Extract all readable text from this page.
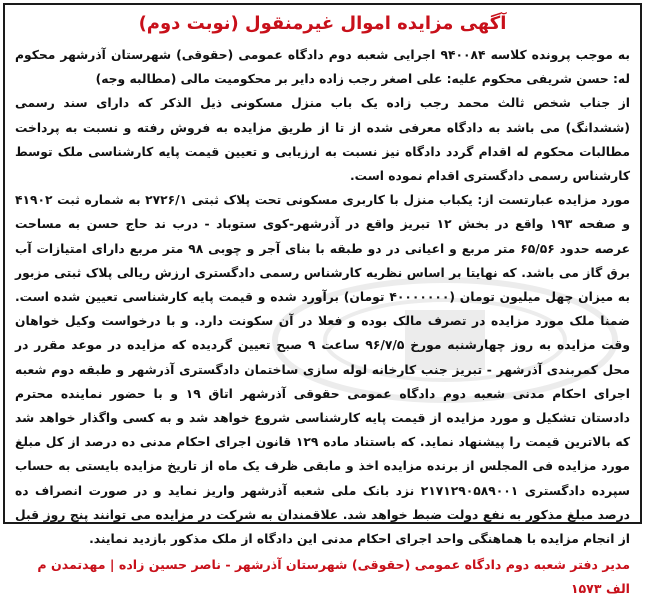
آگهی مزایده اموال غیرمنقول (نوبت دوم)

به موجب پرونده کلاسه ۹۴۰۰۸۴ اجرایی شعبه دوم دادگاه عمومی (حقوقی) شهرستان آذرشهر محکوم له: حسن شریفی محکوم علیه: علی اصغر رجب زاده دایر بر محکومیت مالی (مطالبه وجه)

از جناب شخص ثالث محمد رجب زاده یک باب منزل مسکونی ذیل الذکر که دارای سند رسمی (ششدانگ) می باشد به دادگاه معرفی شده از تا از طریق مزایده به فروش رفته و نسبت به پرداخت مطالبات محکوم له اقدام گردد دادگاه نیز نسبت به ارزیابی و تعیین قیمت پایه کارشناسی ملک توسط کارشناس رسمی دادگستری اقدام نموده است.

مورد مزایده عبارتست از: یکباب منزل با کاربری مسکونی تحت پلاک ثبتی ۲۷۲۶/۱ به شماره ثبت ۴۱۹۰۲ و صفحه ۱۹۳ واقع در بخش ۱۲ تبریز واقع در آذرشهر-کوی ستوباد - درب ند حاج حسن به مساحت عرصه حدود ۶۵/۵۶ متر مربع و اعیانی در دو طبقه با بنای آجر و چوبی ۹۸ متر مربع دارای امتیازات آب برق گاز می باشد. که نهایتا بر اساس نظریه کارشناس رسمی دادگستری ارزش ریالی پلاک ثبتی مزبور به میزان چهل میلیون تومان (۴۰۰۰۰۰۰۰ تومان) برآورد شده و قیمت پایه کارشناسی تعیین شده است. ضمنا ملک مورد مزایده در تصرف مالک بوده و فعلا در آن سکونت دارد. و با درخواست وکیل خواهان وقت مزایده به روز چهارشنبه مورخ ۹۶/۷/۵ ساعت ۹ صبح تعیین گردیده که مزایده در موعد مقرر در محل کمربندی آذرشهر - تبریز جنب کارخانه لوله سازی ساختمان دادگستری آذرشهر و طبقه دوم شعبه اجرای احکام مدنی شعبه دوم دادگاه عمومی حقوقی آذرشهر اتاق ۱۹ و با حضور نماینده محترم دادستان تشکیل و مورد مزایده از قیمت پایه کارشناسی شروع خواهد شد و به کسی واگذار خواهد شد که بالاترین قیمت را پیشنهاد نماید. که باستناد ماده ۱۲۹ قانون اجرای احکام مدنی ده درصد از کل مبلغ مورد مزایده فی المجلس از برنده مزایده اخذ و مابقی ظرف یک ماه از تاریخ مزایده بایستی به حساب سپرده دادگستری ۲۱۷۱۲۹۰۵۸۹۰۰۱ نزد بانک ملی شعبه آذرشهر واریز نماید و در صورت انصراف ده درصد مبلغ مذکور به نفع دولت ضبط خواهد شد. علاقمندان به شرکت در مزایده می توانند پنج روز قبل از انجام مزایده با هماهنگی واحد اجرای احکام مدنی این دادگاه از ملک مذکور بازدید نمایند.

مدیر دفتر شعبه دوم دادگاه عمومی (حقوقی) شهرستان آذرشهر - ناصر حسین زاده | مهدتمدن م الف ۱۵۷۳
